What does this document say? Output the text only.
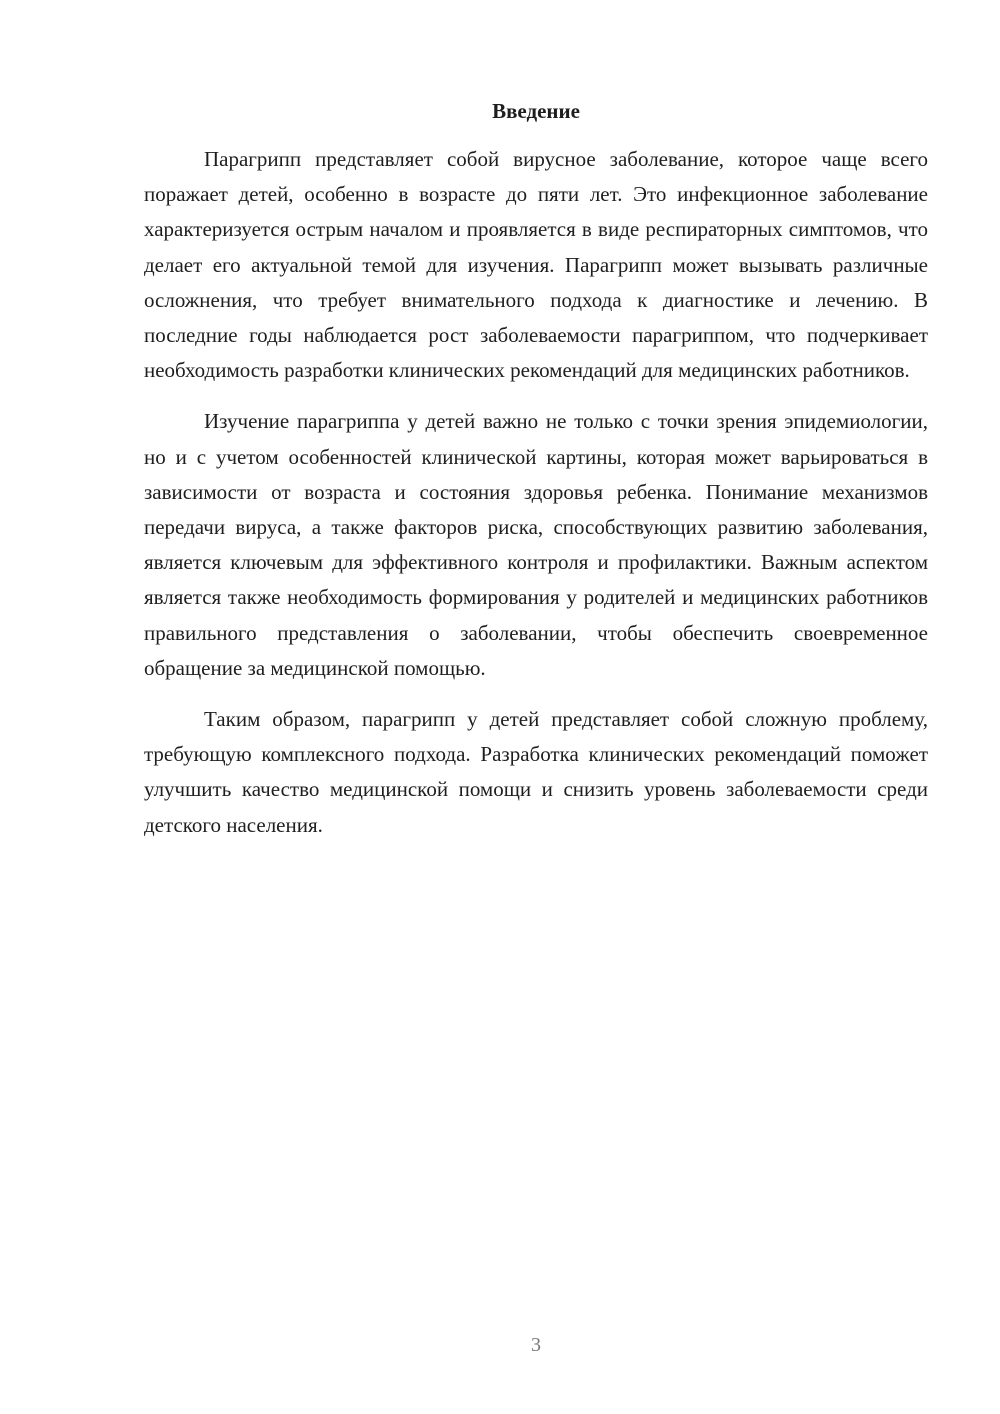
Введение

Парагрипп представляет собой вирусное заболевание, которое чаще всего поражает детей, особенно в возрасте до пяти лет. Это инфекционное заболевание характеризуется острым началом и проявляется в виде респираторных симптомов, что делает его актуальной темой для изучения. Парагрипп может вызывать различные осложнения, что требует внимательного подхода к диагностике и лечению. В последние годы наблюдается рост заболеваемости парагриппом, что подчеркивает необходимость разработки клинических рекомендаций для медицинских работников.

Изучение парагриппа у детей важно не только с точки зрения эпидемиологии, но и с учетом особенностей клинической картины, которая может варьироваться в зависимости от возраста и состояния здоровья ребенка. Понимание механизмов передачи вируса, а также факторов риска, способствующих развитию заболевания, является ключевым для эффективного контроля и профилактики. Важным аспектом является также необходимость формирования у родителей и медицинских работников правильного представления о заболевании, чтобы обеспечить своевременное обращение за медицинской помощью.

Таким образом, парагрипп у детей представляет собой сложную проблему, требующую комплексного подхода. Разработка клинических рекомендаций поможет улучшить качество медицинской помощи и снизить уровень заболеваемости среди детского населения.

3
